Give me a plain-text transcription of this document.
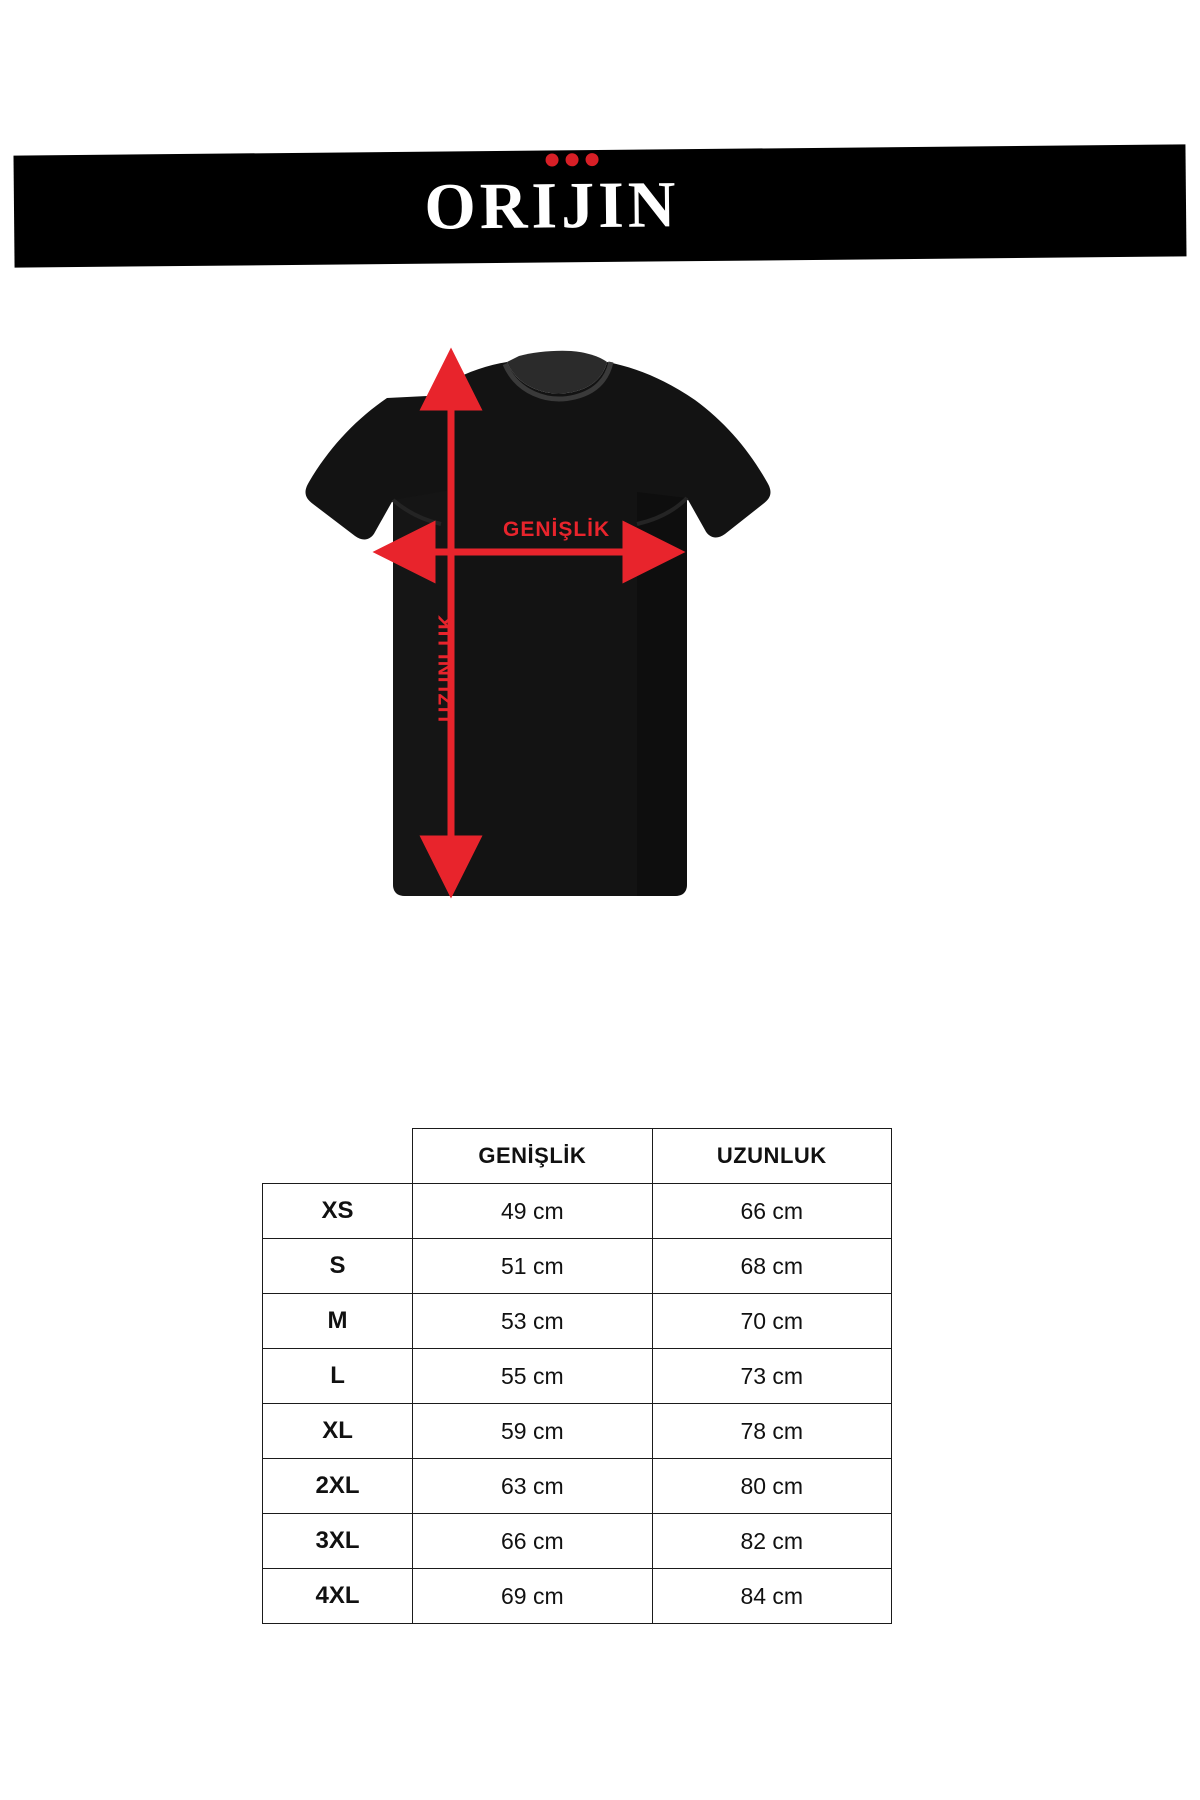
ORIJIN
GENİŞLİK
UZUNLUK
	GENİŞLİK	UZUNLUK
XS	49 cm	66 cm
S	51 cm	68 cm
M	53 cm	70 cm
L	55 cm	73 cm
XL	59 cm	78 cm
2XL	63 cm	80 cm
3XL	66 cm	82 cm
4XL	69 cm	84 cm
